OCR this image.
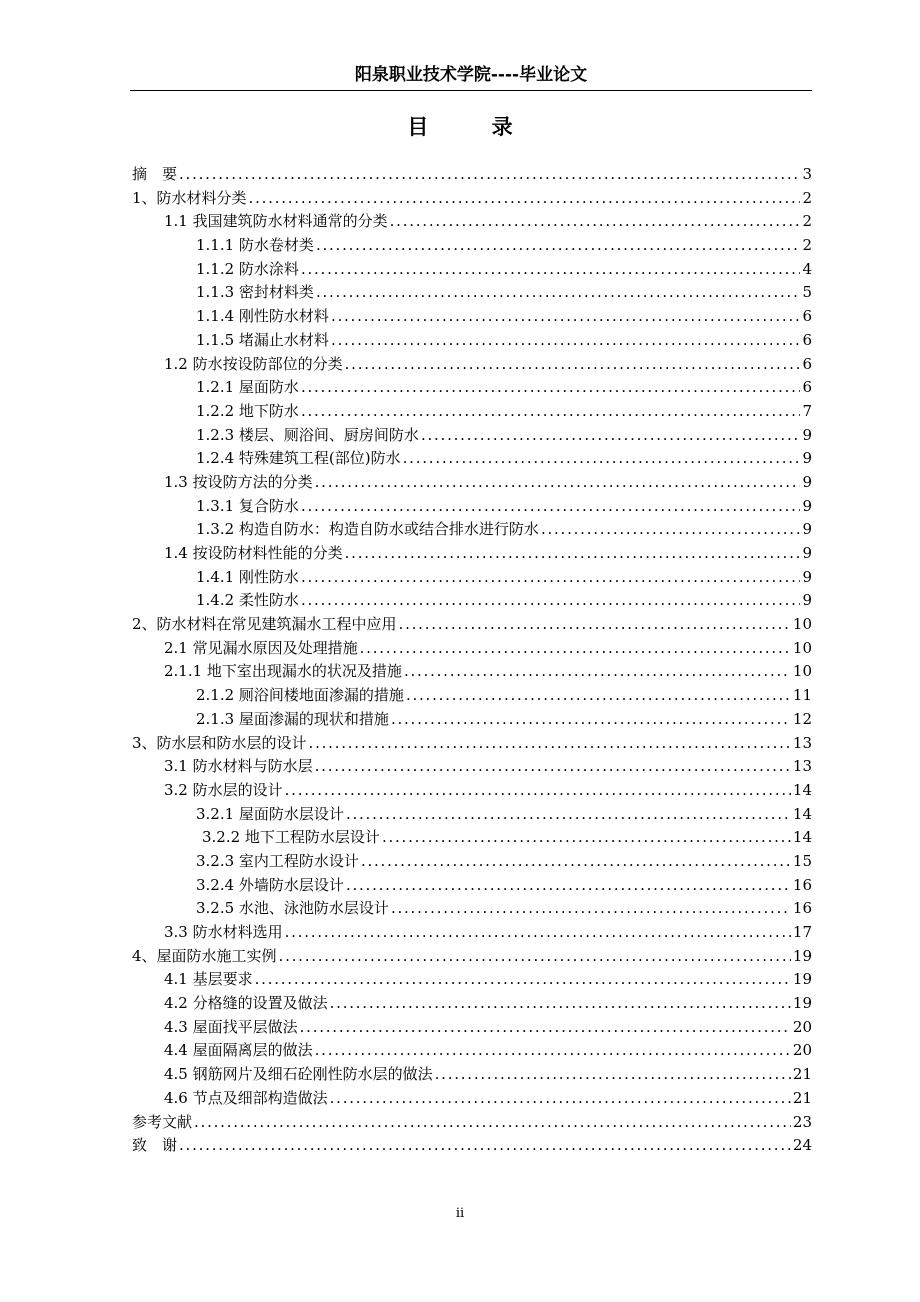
阳泉职业技术学院----毕业论文
目 录
摘　要 . . .	3
1、防水材料分类 . . .	2
1.1 我国建筑防水材料通常的分类 . . .	2
1.1.1 防水卷材类 . . .	2
1.1.2 防水涂料 . . .	4
1.1.3 密封材料类 . . .	5
1.1.4 刚性防水材料 . . .	6
1.1.5 堵漏止水材料 . . .	6
1.2 防水按设防部位的分类 . . .	6
1.2.1 屋面防水 . . .	6
1.2.2 地下防水 . . .	7
1.2.3 楼层、厕浴间、厨房间防水 . . .	9
1.2.4 特殊建筑工程(部位)防水 . . .	9
1.3 按设防方法的分类 . . .	9
1.3.1 复合防水 . . .	9
1.3.2 构造自防水：构造自防水或结合排水进行防水 . . .	9
1.4 按设防材料性能的分类 . . .	9
1.4.1 刚性防水 . . .	9
1.4.2 柔性防水 . . .	9
2、防水材料在常见建筑漏水工程中应用 . . .	10
2.1 常见漏水原因及处理措施 . . .	10
2.1.1 地下室出现漏水的状况及措施 . . .	10
2.1.2 厕浴间楼地面渗漏的措施 . . .	11
2.1.3 屋面渗漏的现状和措施 . . .	12
3、防水层和防水层的设计 . . .	13
3.1 防水材料与防水层 . . .	13
3.2 防水层的设计 . . .	14
3.2.1 屋面防水层设计 . . .	14
3.2.2 地下工程防水层设计 . . .	14
3.2.3 室内工程防水设计 . . .	15
3.2.4 外墙防水层设计 . . .	16
3.2.5 水池、泳池防水层设计 . . .	16
3.3 防水材料选用 . . .	17
4、屋面防水施工实例 . . .	19
4.1 基层要求 . . .	19
4.2 分格缝的设置及做法 . . .	19
4.3 屋面找平层做法 . . .	20
4.4 屋面隔离层的做法 . . .	20
4.5 钢筋网片及细石砼刚性防水层的做法 . . .	21
4.6 节点及细部构造做法 . . .	21
参考文献 . . .	23
致　谢 . . .	24
ii
